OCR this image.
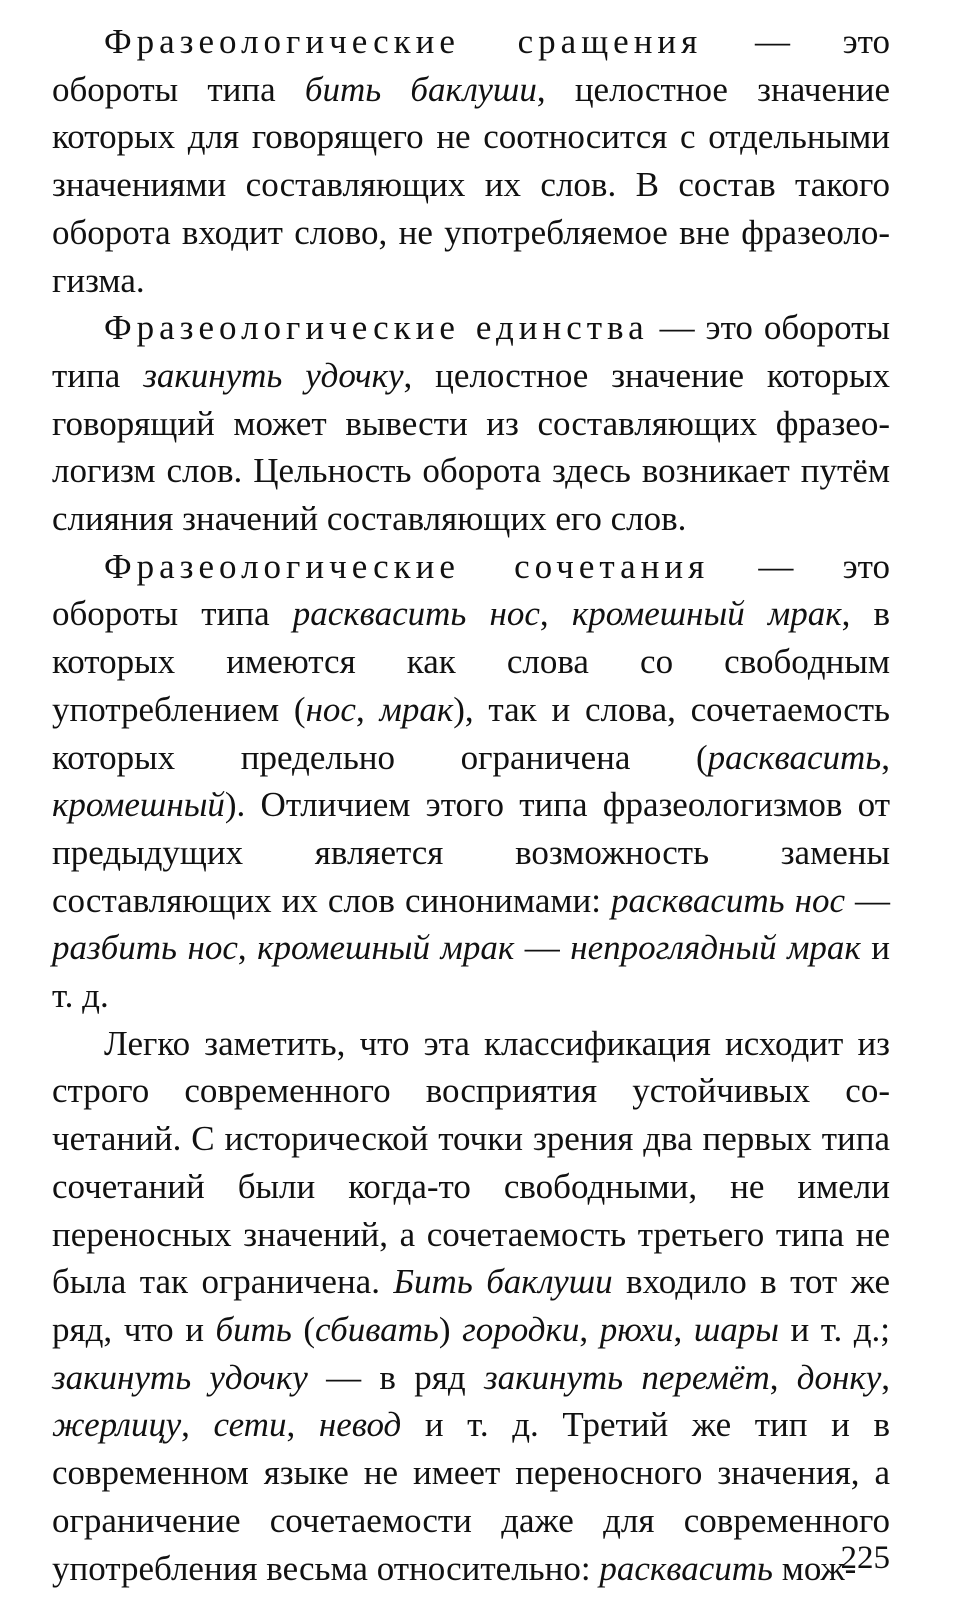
Фразеологические сращения — это обороты типа бить баклуши, целостное значение которых для говорящего не соотносится с отдельными значениями составляющих их слов. В состав такого оборота входит слово, не употребляемое вне фразеологизма.

Фразеологические единства — это обороты типа закинуть удочку, целостное значение которых говорящий может вывести из составляющих фразеологизм слов. Цельность оборота здесь возникает путём слияния значений составляющих его слов.

Фразеологические сочетания — это обороты типа расквасить нос, кромешный мрак, в которых имеются как слова со свободным употреблением (нос, мрак), так и слова, сочетаемость которых предельно ограничена (расквасить, кромешный). Отличием этого типа фразеологизмов от предыдущих является возможность замены составляющих их слов синонимами: расквасить нос — разбить нос, кромешный мрак — непроглядный мрак и т. д.

Легко заметить, что эта классификация исходит из строго современного восприятия устойчивых сочетаний. С исторической точки зрения два первых типа сочетаний были когда-то свободными, не имели переносных значений, а сочетаемость третьего типа не была так ограничена. Бить баклуши входило в тот же ряд, что и бить (сбивать) городки, рюхи, шары и т. д.; закинуть удочку — в ряд закинуть перемёт, донку, жерлицу, сети, невод и т. д. Третий же тип и в современном языке не имеет переносного значения, а ограничение сочетаемости даже для современного употребления весьма относительно: расквасить мож-

225
